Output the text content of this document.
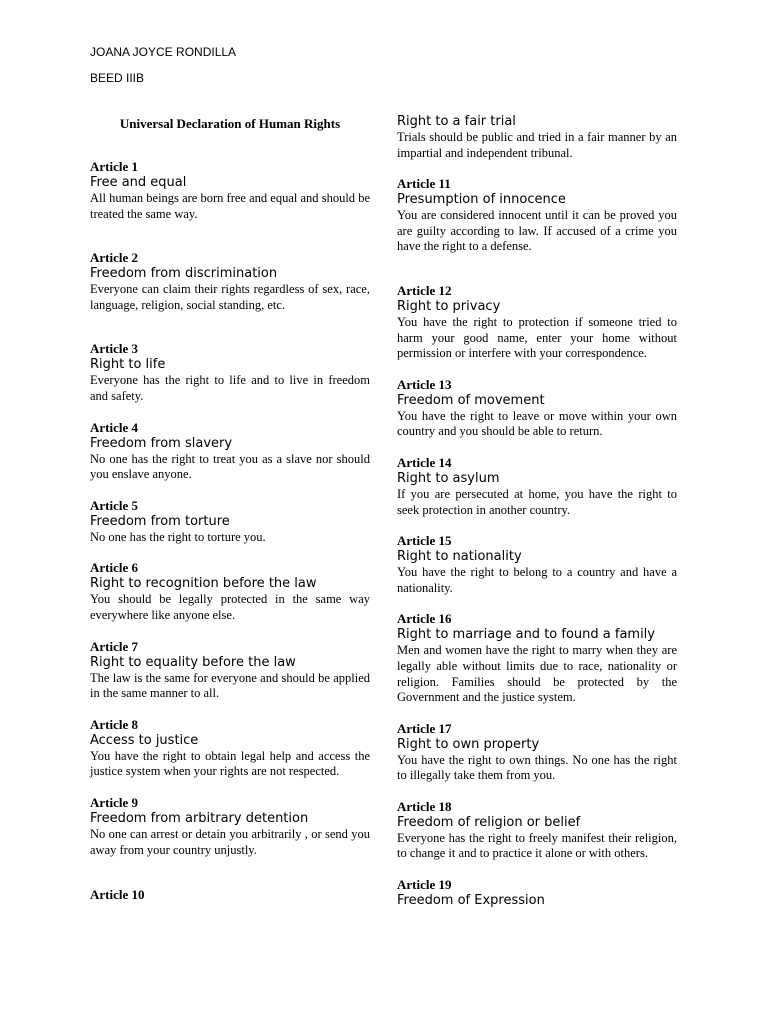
JOANA JOYCE RONDILLA
BEED IIIB
Universal Declaration of Human Rights
Article 1
Free and equal
All human beings are born free and equal and should be treated the same way.
Article 2
Freedom from discrimination
Everyone can claim their rights regardless of sex, race, language, religion, social standing, etc.
Article 3
Right to life
Everyone has the right to life and to live in freedom and safety.
Article 4
Freedom from slavery
No one has the right to treat you as a slave nor should you enslave anyone.
Article 5
Freedom from torture
No one has the right to torture you.
Article 6
Right to recognition before the law
You should be legally protected in the same way everywhere like anyone else.
Article 7
Right to equality before the law
The law is the same for everyone and should be applied in the same manner to all.
Article 8
Access to justice
You have the right to obtain legal help and access the justice system when your rights are not respected.
Article 9
Freedom from arbitrary detention
No one can arrest or detain you arbitrarily , or send you away from your country unjustly.
Article 10
Right to a fair trial
Trials should be public and tried in a fair manner by an impartial and independent tribunal.
Article 11
Presumption of innocence
You are considered innocent until it can be proved you are guilty according to law. If accused of a crime you have the right to a defense.
Article 12
Right to privacy
You have the right to protection if someone tried to harm your good name, enter your home without permission or interfere with your correspondence.
Article 13
Freedom of movement
You have the right to leave or move within your own country and you should be able to return.
Article 14
Right to asylum
If you are persecuted at home, you have the right to seek protection in another country.
Article 15
Right to nationality
You have the right to belong to a country and have a nationality.
Article 16
Right to marriage and to found a family
Men and women have the right to marry when they are legally able without limits due to race, nationality or religion. Families should be protected by the Government and the justice system.
Article 17
Right to own property
You have the right to own things. No one has the right to illegally take them from you.
Article 18
Freedom of religion or belief
Everyone has the right to freely manifest their religion, to change it and to practice it alone or with others.
Article 19
Freedom of Expression
